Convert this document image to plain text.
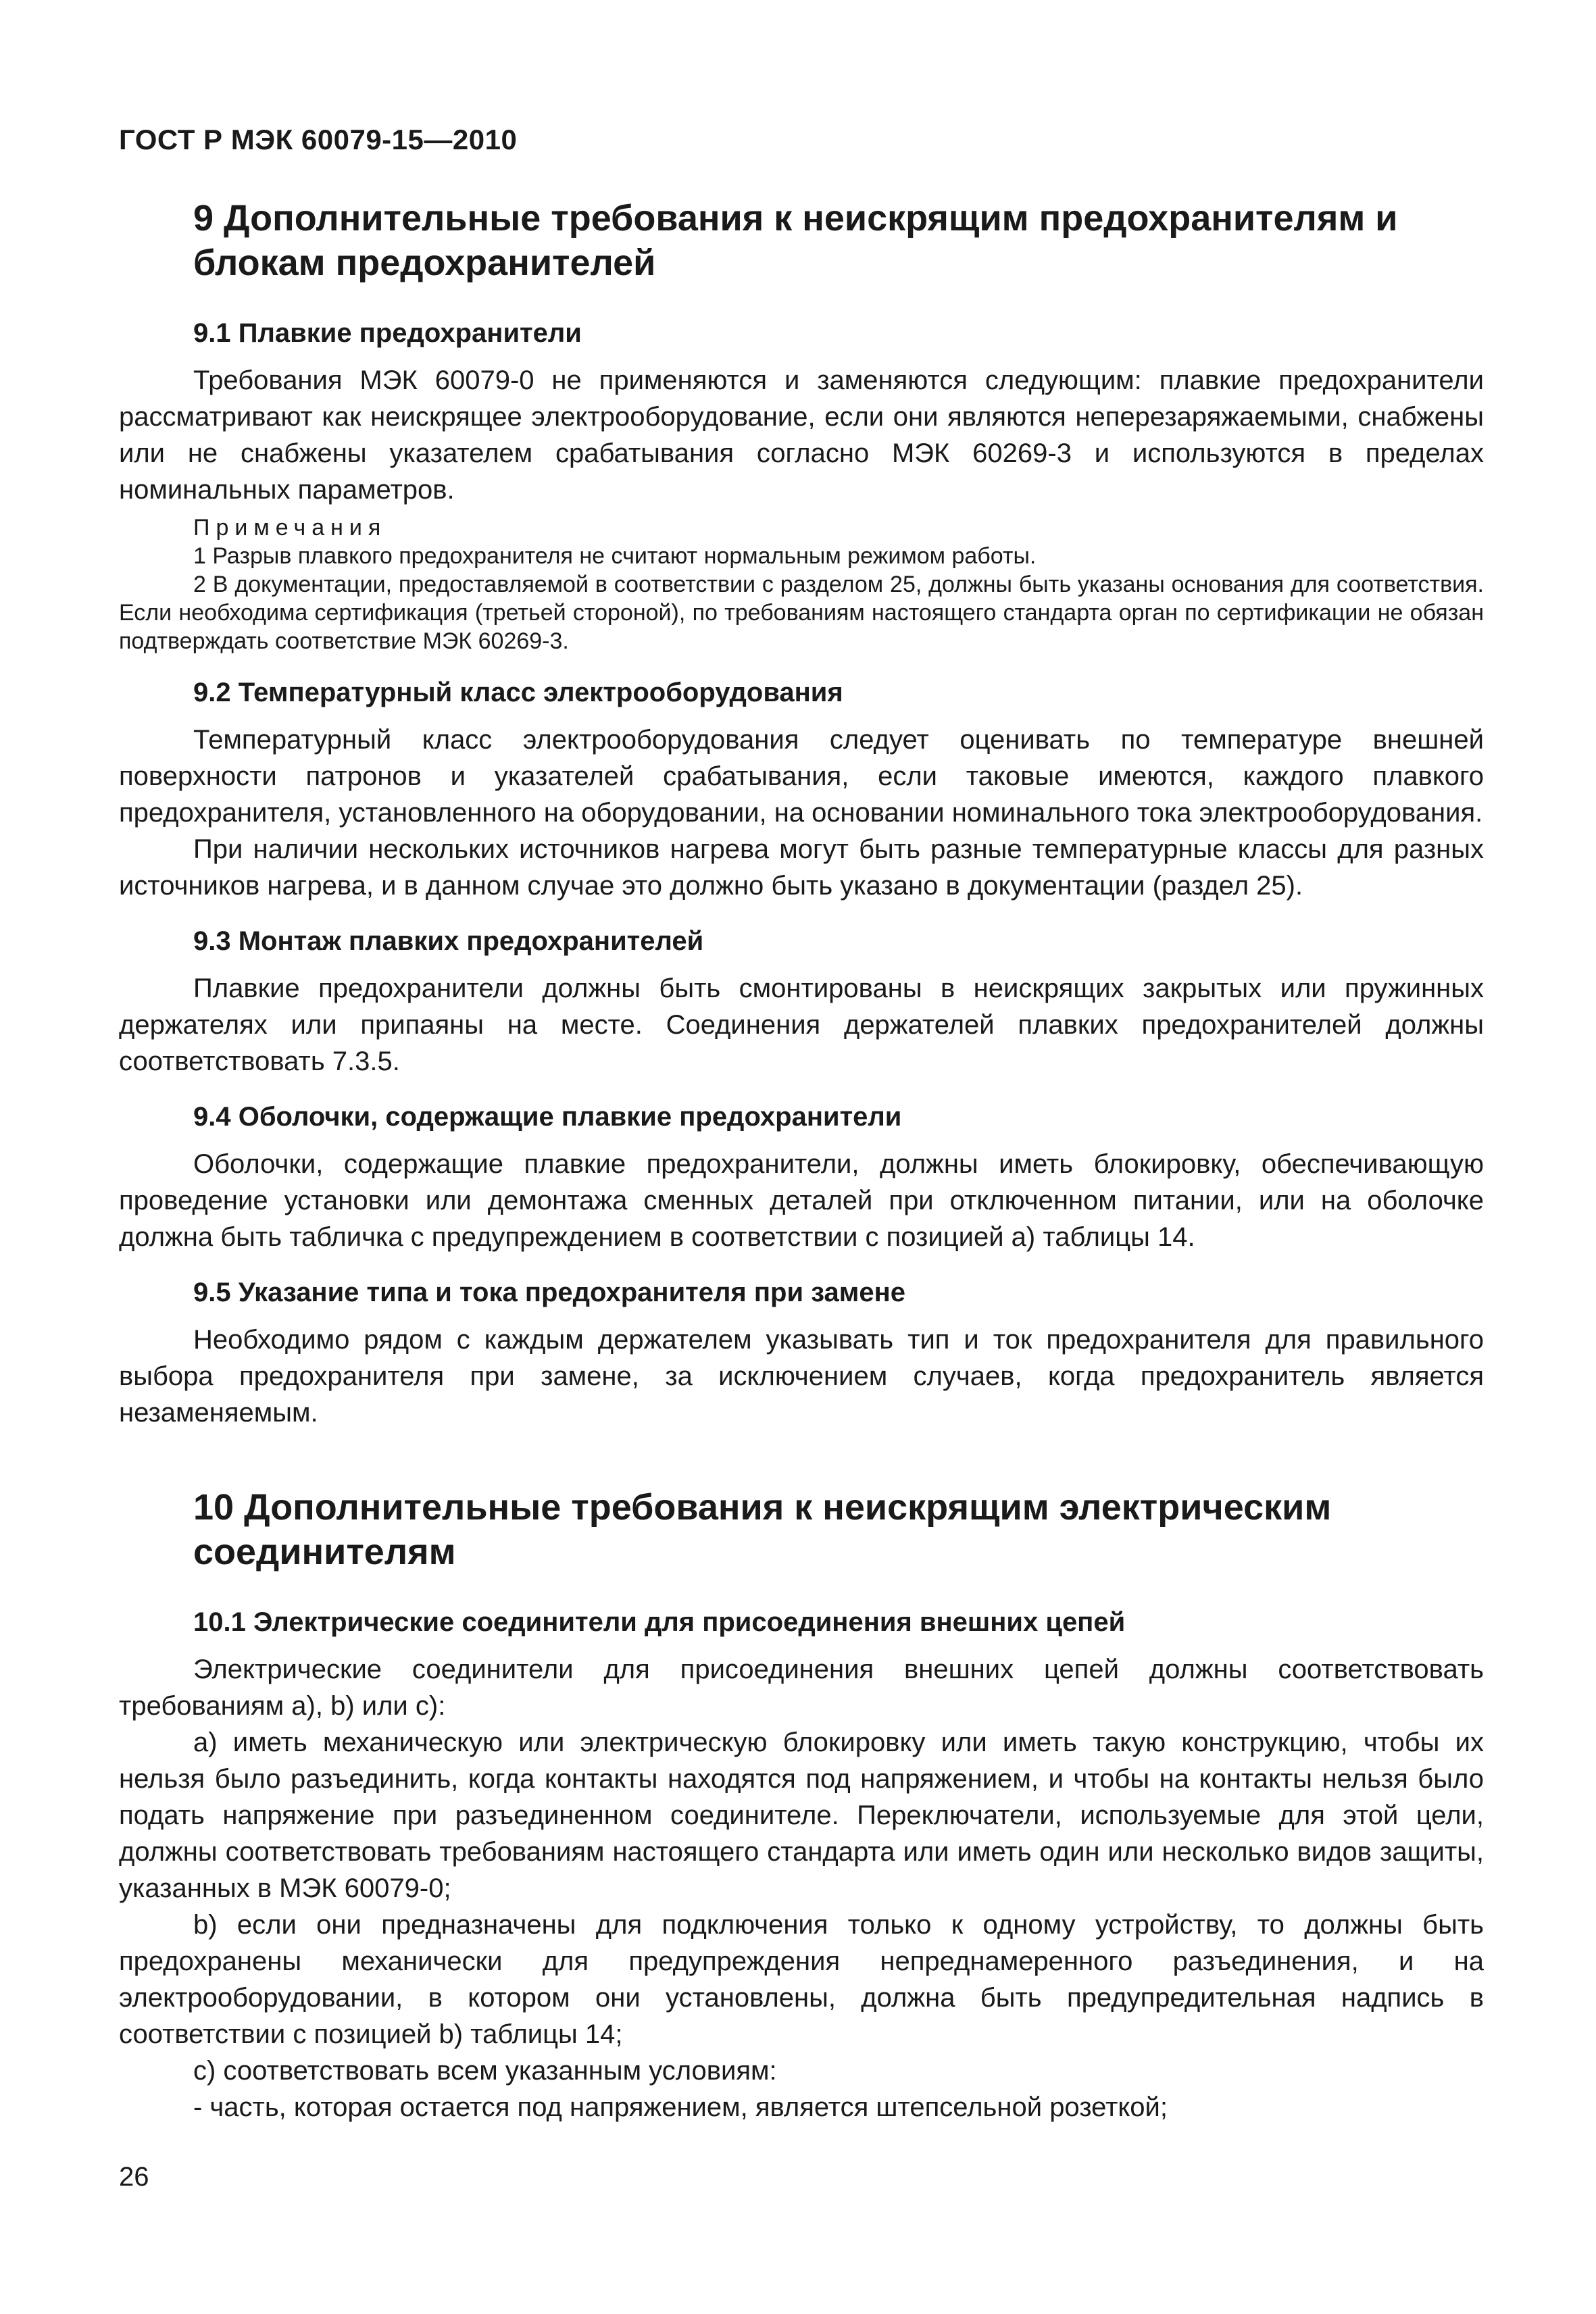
ГОСТ Р МЭК 60079-15—2010

9 Дополнительные требования к неискрящим предохранителям и блокам предохранителей

9.1 Плавкие предохранители

Требования МЭК 60079-0 не применяются и заменяются следующим: плавкие предохранители рассматривают как неискрящее электрооборудование, если они являются неперезаряжаемыми, снабжены или не снабжены указателем срабатывания согласно МЭК 60269-3 и используются в пределах номинальных параметров.

Примечания

1 Разрыв плавкого предохранителя не считают нормальным режимом работы.

2 В документации, предоставляемой в соответствии с разделом 25, должны быть указаны основания для соответствия. Если необходима сертификация (третьей стороной), по требованиям настоящего стандарта орган по сертификации не обязан подтверждать соответствие МЭК 60269-3.

9.2 Температурный класс электрооборудования

Температурный класс электрооборудования следует оценивать по температуре внешней поверхности патронов и указателей срабатывания, если таковые имеются, каждого плавкого предохранителя, установленного на оборудовании, на основании номинального тока электрооборудования.

При наличии нескольких источников нагрева могут быть разные температурные классы для разных источников нагрева, и в данном случае это должно быть указано в документации (раздел 25).

9.3 Монтаж плавких предохранителей

Плавкие предохранители должны быть смонтированы в неискрящих закрытых или пружинных держателях или припаяны на месте. Соединения держателей плавких предохранителей должны соответствовать 7.3.5.

9.4 Оболочки, содержащие плавкие предохранители

Оболочки, содержащие плавкие предохранители, должны иметь блокировку, обеспечивающую проведение установки или демонтажа сменных деталей при отключенном питании, или на оболочке должна быть табличка с предупреждением в соответствии с позицией a) таблицы 14.

9.5 Указание типа и тока предохранителя при замене

Необходимо рядом с каждым держателем указывать тип и ток предохранителя для правильного выбора предохранителя при замене, за исключением случаев, когда предохранитель является незаменяемым.

10 Дополнительные требования к неискрящим электрическим соединителям

10.1 Электрические соединители для присоединения внешних цепей

Электрические соединители для присоединения внешних цепей должны соответствовать требованиям a), b) или c):

a) иметь механическую или электрическую блокировку или иметь такую конструкцию, чтобы их нельзя было разъединить, когда контакты находятся под напряжением, и чтобы на контакты нельзя было подать напряжение при разъединенном соединителе. Переключатели, используемые для этой цели, должны соответствовать требованиям настоящего стандарта или иметь один или несколько видов защиты, указанных в МЭК 60079-0;

b) если они предназначены для подключения только к одному устройству, то должны быть предохранены механически для предупреждения непреднамеренного разъединения, и на электрооборудовании, в котором они установлены, должна быть предупредительная надпись в соответствии с позицией b) таблицы 14;

c) соответствовать всем указанным условиям:

- часть, которая остается под напряжением, является штепсельной розеткой;

26
